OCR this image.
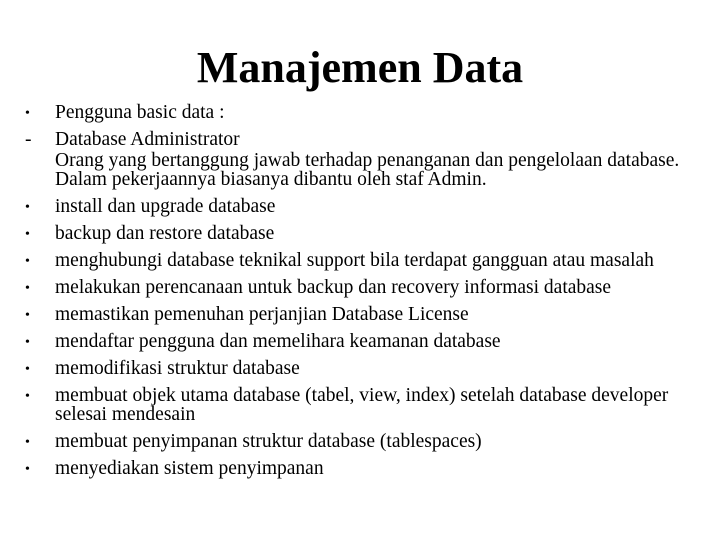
Manajemen Data
•	Pengguna basic data :
-	Database Administrator
Orang yang bertanggung jawab terhadap penanganan dan pengelolaan database. Dalam pekerjaannya biasanya dibantu oleh staf Admin.
•	install dan upgrade database
•	backup dan restore database
•	menghubungi database teknikal support bila terdapat gangguan atau masalah
•	melakukan perencanaan untuk backup dan recovery informasi database
•	memastikan pemenuhan perjanjian Database License
•	mendaftar pengguna dan memelihara keamanan database
•	memodifikasi struktur database
•	membuat objek utama database (tabel, view, index) setelah database developer selesai mendesain
•	membuat penyimpanan struktur database (tablespaces)
•	menyediakan sistem penyimpanan
